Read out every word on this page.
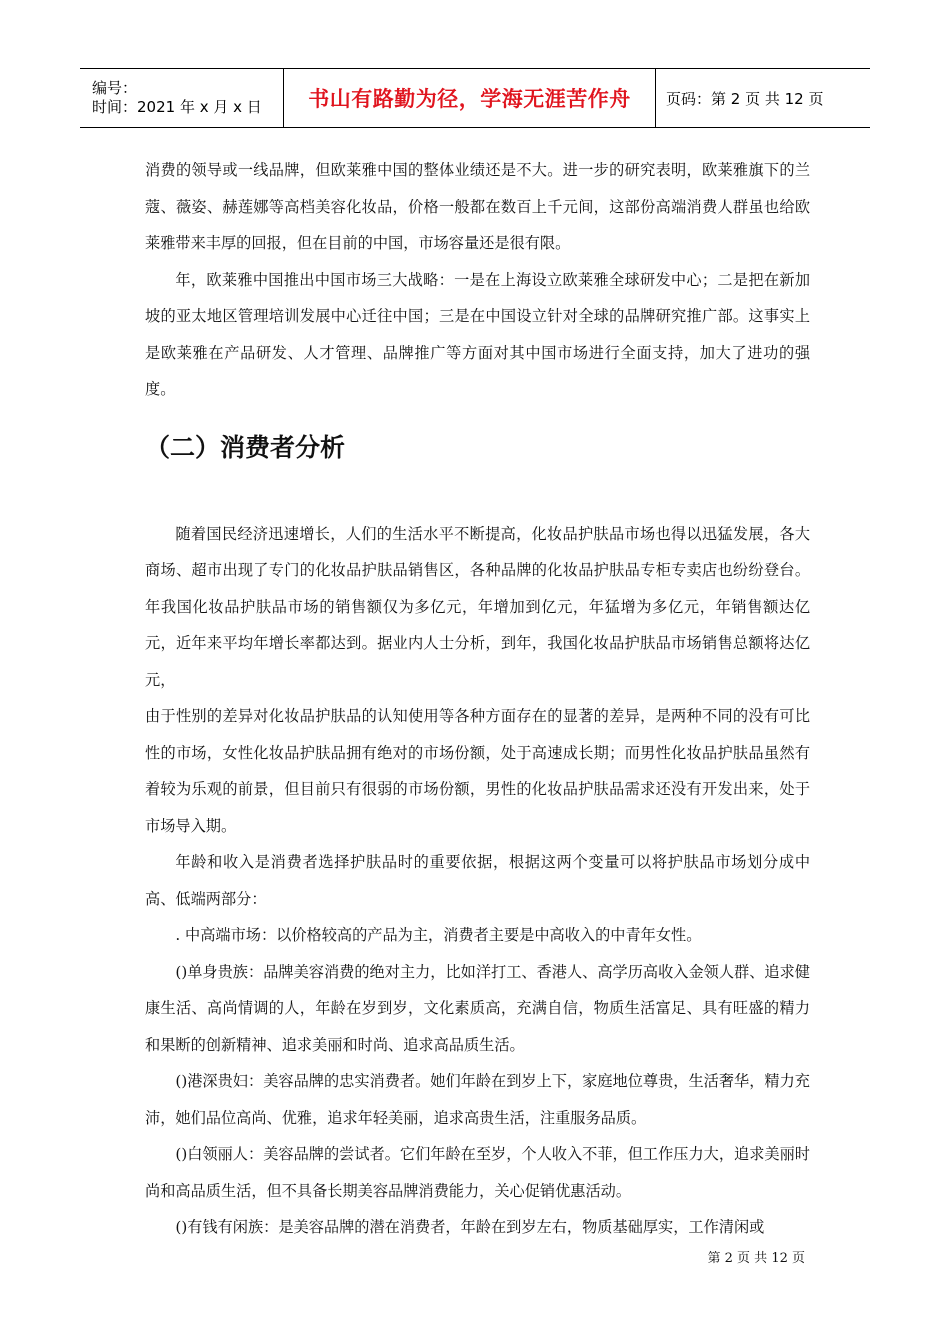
编号：
时间：2021 年 x 月 x 日	书山有路勤为径，学海无涯苦作舟	页码：第 2 页 共 12 页

消费的领导或一线品牌，但欧莱雅中国的整体业绩还是不大。进一步的研究表明，欧莱雅旗下的兰蔻、薇姿、赫莲娜等高档美容化妆品，价格一般都在数百上千元间，这部份高端消费人群虽也给欧莱雅带来丰厚的回报，但在目前的中国，市场容量还是很有限。

年，欧莱雅中国推出中国市场三大战略：一是在上海设立欧莱雅全球研发中心；二是把在新加坡的亚太地区管理培训发展中心迁往中国；三是在中国设立针对全球的品牌研究推广部。这事实上是欧莱雅在产品研发、人才管理、品牌推广等方面对其中国市场进行全面支持，加大了进功的强度。

（二）消费者分析

随着国民经济迅速增长，人们的生活水平不断提高，化妆品护肤品市场也得以迅猛发展，各大商场、超市出现了专门的化妆品护肤品销售区，各种品牌的化妆品护肤品专柜专卖店也纷纷登台。年我国化妆品护肤品市场的销售额仅为多亿元，年增加到亿元，年猛增为多亿元，年销售额达亿元，近年来平均年增长率都达到。据业内人士分析，到年，我国化妆品护肤品市场销售总额将达亿元，

由于性别的差异对化妆品护肤品的认知使用等各种方面存在的显著的差异，是两种不同的没有可比性的市场，女性化妆品护肤品拥有绝对的市场份额，处于高速成长期；而男性化妆品护肤品虽然有着较为乐观的前景，但目前只有很弱的市场份额，男性的化妆品护肤品需求还没有开发出来，处于市场导入期。

年龄和收入是消费者选择护肤品时的重要依据，根据这两个变量可以将护肤品市场划分成中高、低端两部分：

. 中高端市场：以价格较高的产品为主，消费者主要是中高收入的中青年女性。

()单身贵族：品牌美容消费的绝对主力，比如洋打工、香港人、高学历高收入金领人群、追求健康生活、高尚情调的人，年龄在岁到岁，文化素质高，充满自信，物质生活富足、具有旺盛的精力和果断的创新精神、追求美丽和时尚、追求高品质生活。

()港深贵妇：美容品牌的忠实消费者。她们年龄在到岁上下，家庭地位尊贵，生活奢华，精力充沛，她们品位高尚、优雅，追求年轻美丽，追求高贵生活，注重服务品质。

()白领丽人：美容品牌的尝试者。它们年龄在至岁，个人收入不菲，但工作压力大，追求美丽时尚和高品质生活，但不具备长期美容品牌消费能力，关心促销优惠活动。

()有钱有闲族：是美容品牌的潜在消费者，年龄在到岁左右，物质基础厚实，工作清闲或

第 2 页 共 12 页
